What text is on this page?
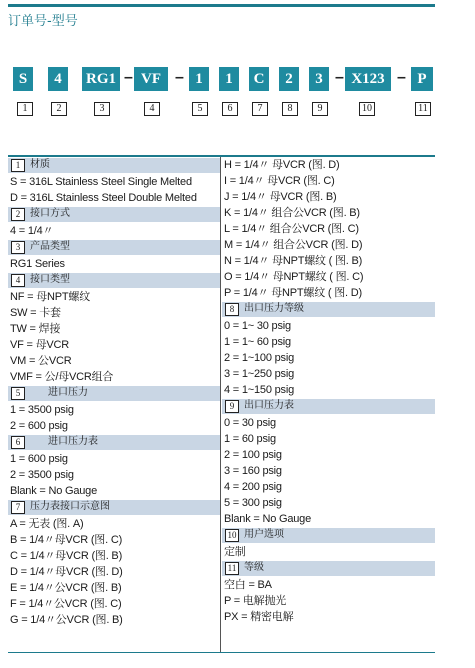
订单号-型号
S	4	RG1 – VF – 1	1	C	2	3 – X123 – P
1	2	3	4	5	6	7	8	9	10	11
1 材质
S = 316L Stainless Steel Single Melted
D = 316L Stainless Steel Double Melted
2 接口方式
4 = 1/4〃
3 产品类型
RG1 Series
4 接口类型
NF = 母NPT螺纹
SW = 卡套
TW = 焊接
VF = 母VCR
VM = 公VCR
VMF = 公/母VCR组合
5	进口压力
1 = 3500 psig
2 = 600 psig
6	进口压力表
1 = 600 psig
2 = 3500 psig
Blank = No Gauge
7 压力表接口示意图
A = 无表 (图. A)
B = 1/4〃母VCR (图. C)
C = 1/4〃母VCR (图. B)
D = 1/4〃母VCR (图. D)
E = 1/4〃公VCR (图. B)
F = 1/4〃公VCR (图. C)
G = 1/4〃公VCR (图. B)
H = 1/4〃 母VCR (图. D)
I = 1/4〃 母VCR (图. C)
J = 1/4〃 母VCR (图. B)
K = 1/4〃 组合公VCR (图. B)
L = 1/4〃 组合公VCR (图. C)
M = 1/4〃 组合公VCR (图. D)
N = 1/4〃 母NPT螺纹 ( 图. B)
O = 1/4〃 母NPT螺纹 ( 图. C)
P = 1/4〃 母NPT螺纹 ( 图. D)
8 出口压力等级
0 = 1~ 30 psig
1 = 1~ 60 psig
2 = 1~100 psig
3 = 1~250 psig
4 = 1~150 psig
9 出口压力表
0 = 30 psig
1 = 60 psig
2 = 100 psig
3 = 160 psig
4 = 200 psig
5 = 300 psig
Blank = No Gauge
10 用户选项
定制
11 等级
空白 = BA
P = 电解抛光
PX = 精密电解
